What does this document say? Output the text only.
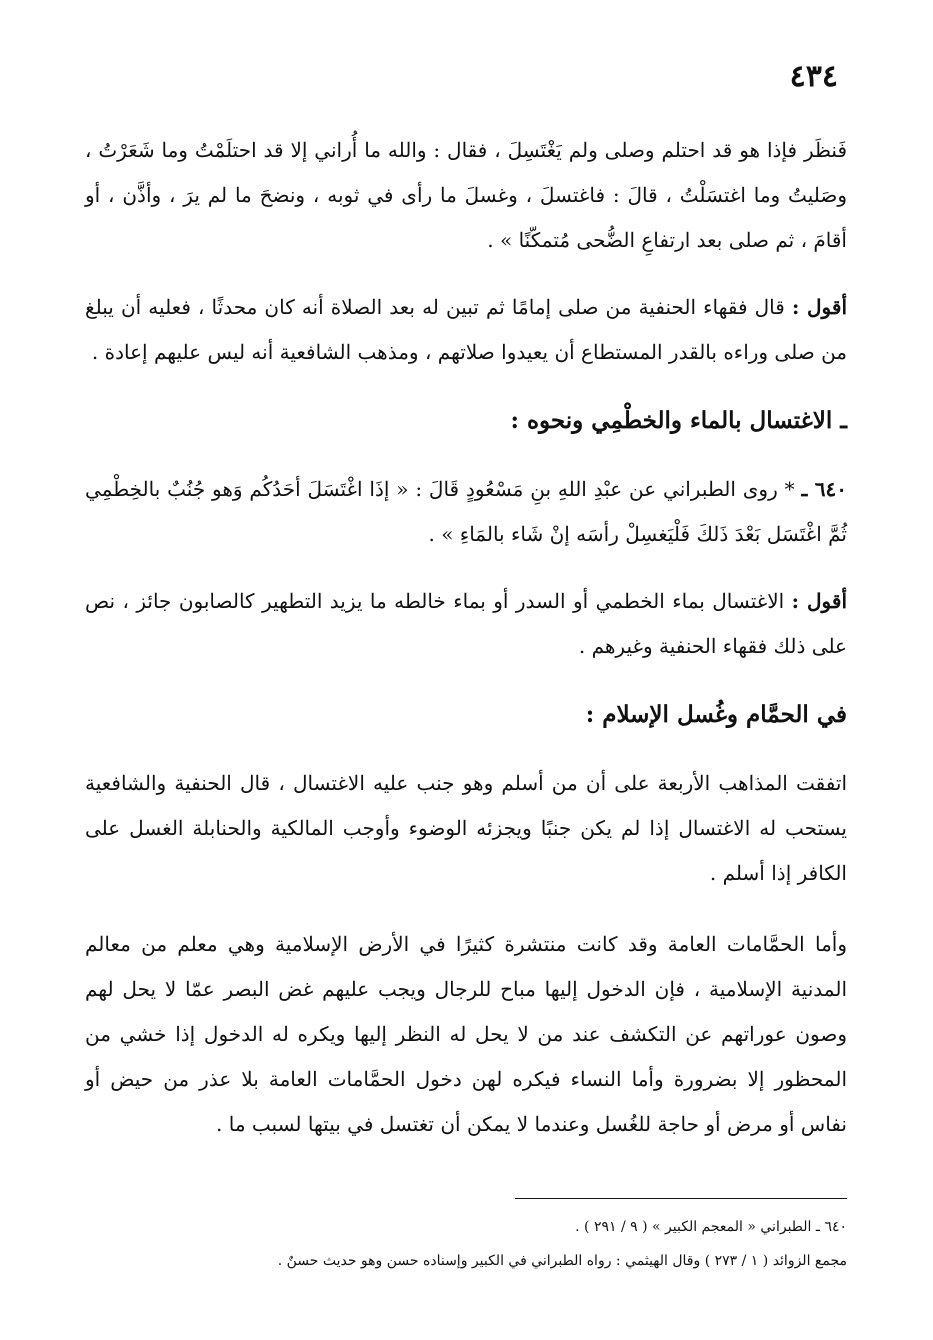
٤٣٤

فَنظَر فإذا هو قد احتلم وصلى ولم يَغْتَسِلَ ، فقال : والله ما أُراني إلا قد احتلَمْتُ وما شَعَرْتُ ، وصَليتُ وما اغتسَلْتُ ، قالَ : فاغتسلَ ، وغسلَ ما رأى في ثوبه ، ونضحَ ما لم يرَ ، وأذَّن ، أو أقامَ ، ثم صلى بعد ارتفاعِ الضُّحى مُتمكّنًا » .

أقول : قال فقهاء الحنفية من صلى إمامًا ثم تبين له بعد الصلاة أنه كان محدثًا ، فعليه أن يبلغ من صلى وراءه بالقدر المستطاع أن يعيدوا صلاتهم ، ومذهب الشافعية أنه ليس عليهم إعادة .

ـ الاغتسال بالماء والخطْمِي ونحوه :

٦٤٠ ـ * روى الطبراني عن عبْدِ اللهِ بنِ مَسْعُودٍ قَالَ : « إذَا اغْتَسَلَ أحَدُكُم وَهو جُنُبٌ بالخِطْمِي ثُمَّ اغْتَسَل بَعْدَ ذَلكَ فَلْيَغسِلْ رأسَه إنْ شَاء بالمَاءِ » .

أقول : الاغتسال بماء الخطمي أو السدر أو بماء خالطه ما يزيد التطهير كالصابون جائز ، نص على ذلك فقهاء الحنفية وغيرهم .

في الحمَّام وغُسل الإسلام :

اتفقت المذاهب الأربعة على أن من أسلم وهو جنب عليه الاغتسال ، قال الحنفية والشافعية يستحب له الاغتسال إذا لم يكن جنبًا ويجزئه الوضوء وأوجب المالكية والحنابلة الغسل على الكافر إذا أسلم .

وأما الحمَّامات العامة وقد كانت منتشرة كثيرًا في الأرض الإسلامية وهي معلم من معالم المدنية الإسلامية ، فإن الدخول إليها مباح للرجال ويجب عليهم غض البصر عمّا لا يحل لهم وصون عوراتهم عن التكشف عند من لا يحل له النظر إليها ويكره له الدخول إذا خشي من المحظور إلا بضرورة وأما النساء فيكره لهن دخول الحمَّامات العامة بلا عذر من حيض أو نفاس أو مرض أو حاجة للغُسل وعندما لا يمكن أن تغتسل في بيتها لسبب ما .

٦٤٠ ـ الطبراني « المعجم الكبير » ( ٩ / ٢٩١ ) .

مجمع الزوائد ( ١ / ٢٧٣ ) وقال الهيثمي : رواه الطبراني في الكبير وإسناده حسن وهو حديث حسنٌ .
